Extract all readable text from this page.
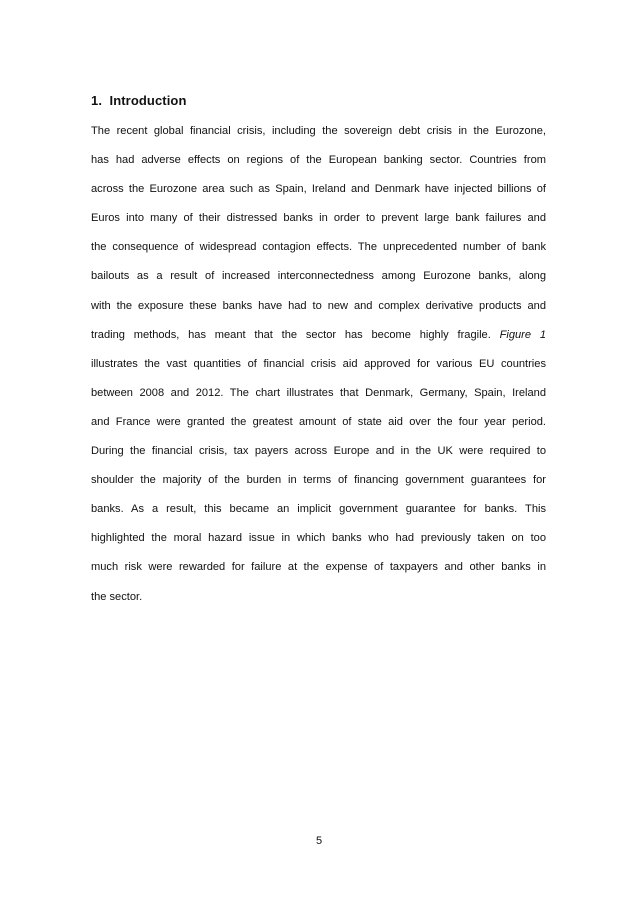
1. Introduction
The recent global financial crisis, including the sovereign debt crisis in the Eurozone,
has had adverse effects on regions of the European banking sector. Countries from
across the Eurozone area such as Spain, Ireland and Denmark have injected billions of
Euros into many of their distressed banks in order to prevent large bank failures and
the consequence of widespread contagion effects. The unprecedented number of bank
bailouts as a result of increased interconnectedness among Eurozone banks, along
with the exposure these banks have had to new and complex derivative products and
trading methods, has meant that the sector has become highly fragile. Figure 1
illustrates the vast quantities of financial crisis aid approved for various EU countries
between 2008 and 2012. The chart illustrates that Denmark, Germany, Spain, Ireland
and France were granted the greatest amount of state aid over the four year period.
During the financial crisis, tax payers across Europe and in the UK were required to
shoulder the majority of the burden in terms of financing government guarantees for
banks. As a result, this became an implicit government guarantee for banks. This
highlighted the moral hazard issue in which banks who had previously taken on too
much risk were rewarded for failure at the expense of taxpayers and other banks in
the sector.
5
